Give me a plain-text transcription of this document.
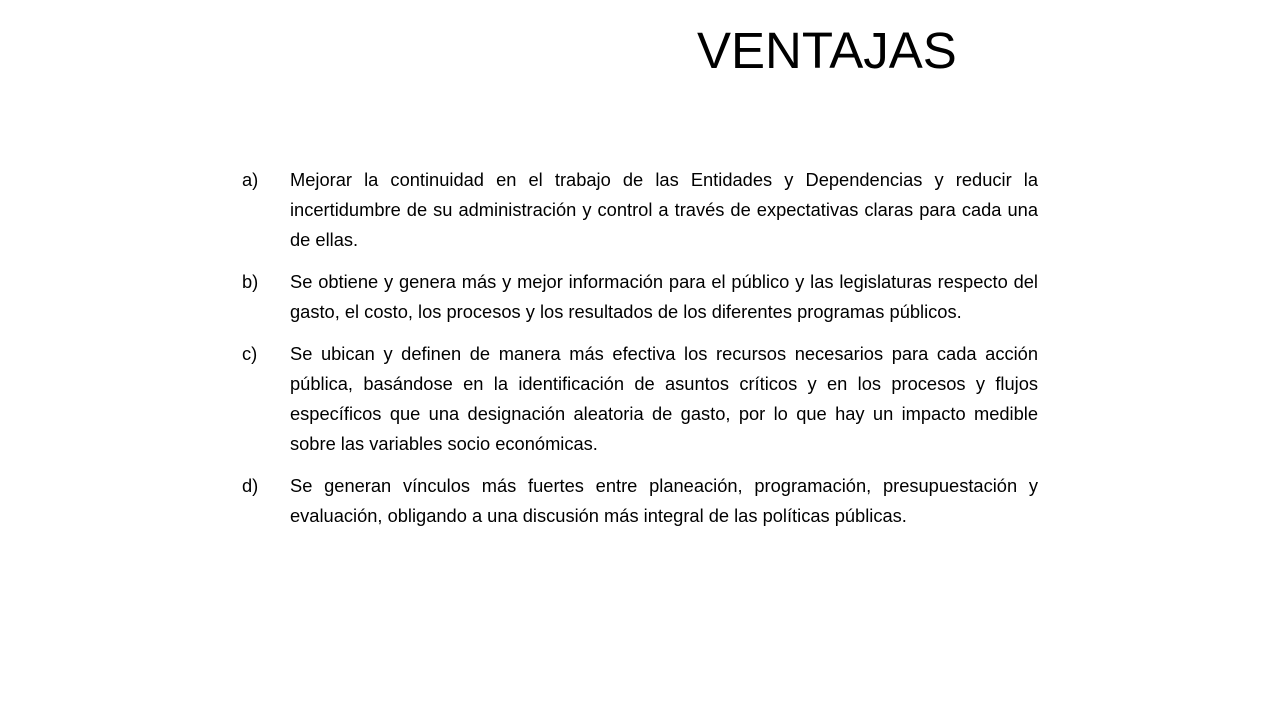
VENTAJAS
a)	Mejorar la continuidad en el trabajo de las Entidades y Dependencias y reducir la incertidumbre de su administración y control a través de expectativas claras para cada una de ellas.
b)	Se obtiene y genera más y mejor información para el público y las legislaturas respecto del gasto, el costo, los procesos y los resultados de los diferentes programas públicos.
c)	Se ubican y definen de manera más efectiva los recursos necesarios para cada acción pública, basándose en la identificación de asuntos críticos y en los procesos y flujos específicos que una designación aleatoria de gasto, por lo que hay un impacto medible sobre las variables socio económicas.
d)	Se generan vínculos más fuertes entre planeación, programación, presupuestación y evaluación, obligando a una discusión más integral de las políticas públicas.
